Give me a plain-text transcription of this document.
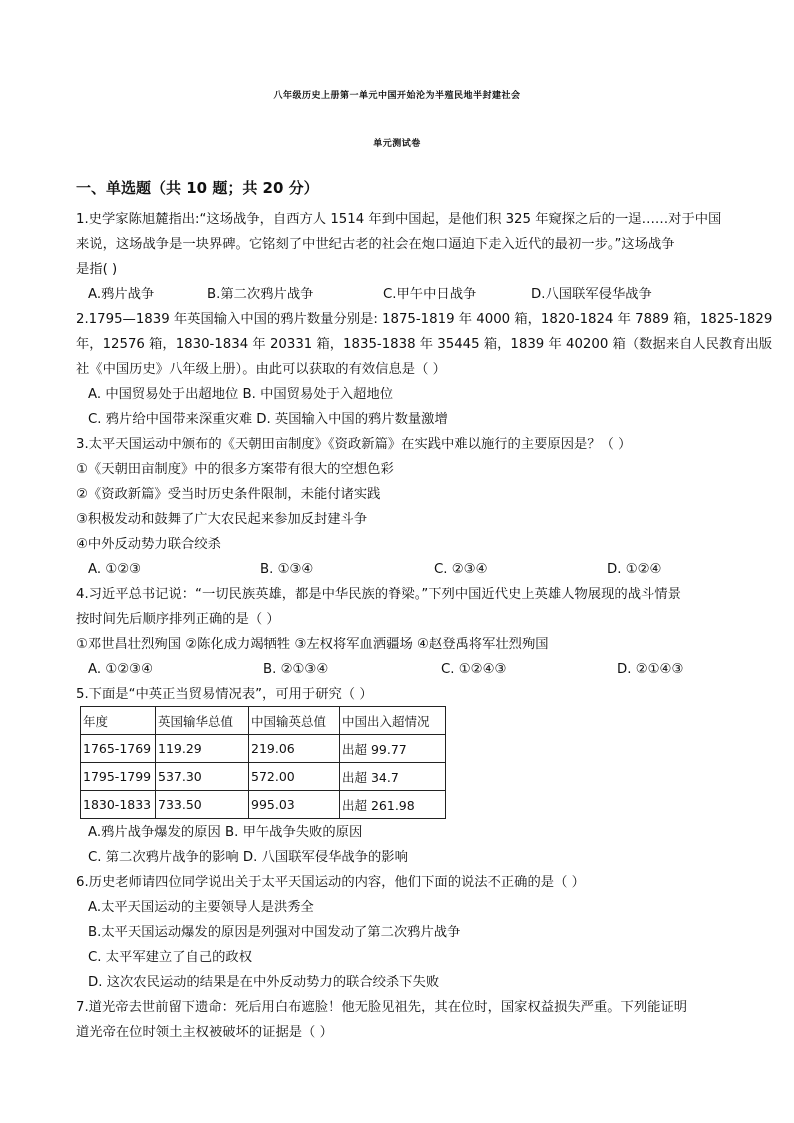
八年级历史上册第一单元中国开始沦为半殖民地半封建社会
单元测试卷
一、单选题（共 10 题；共 20 分）
1.史学家陈旭麓指出:“这场战争，自西方人 1514 年到中国起，是他们积 325 年窥探之后的一逞……对于中国
来说，这场战争是一块界碑。它铭刻了中世纪古老的社会在炮口逼迫下走入近代的最初一步。”这场战争
是指( )
A.鸦片战争	B.第二次鸦片战争	C.甲午中日战争	D.八国联军侵华战争
2.1795—1839 年英国输入中国的鸦片数量分别是: 1875-1819 年 4000 箱，1820-1824 年 7889 箱，1825-1829
年，12576 箱，1830-1834 年 20331 箱，1835-1838 年 35445 箱，1839 年 40200 箱（数据来自人民教育出版
社《中国历史》八年级上册）。由此可以获取的有效信息是（ ）
A. 中国贸易处于出超地位 B. 中国贸易处于入超地位
C. 鸦片给中国带来深重灾难 D. 英国输入中国的鸦片数量激增
3.太平天国运动中颁布的《天朝田亩制度》《资政新篇》在实践中难以施行的主要原因是？（ ）
①《天朝田亩制度》中的很多方案带有很大的空想色彩
②《资政新篇》受当时历史条件限制，未能付诸实践
③积极发动和鼓舞了广大农民起来参加反封建斗争
④中外反动势力联合绞杀
A. ①②③	B. ①③④	C. ②③④	D. ①②④
4.习近平总书记说：“一切民族英雄，都是中华民族的脊梁。”下列中国近代史上英雄人物展现的战斗情景
按时间先后顺序排列正确的是（ ）
①邓世昌壮烈殉国 ②陈化成力竭牺牲 ③左权将军血洒疆场 ④赵登禹将军壮烈殉国
A. ①②③④	B. ②①③④	C. ①②④③	D. ②①④③
5.下面是“中英正当贸易情况表”，可用于研究（ ）
年度	英国输华总值	中国输英总值	中国出入超情况
1765-1769	119.29	219.06	出超 99.77
1795-1799	537.30	572.00	出超 34.7
1830-1833	733.50	995.03	出超 261.98
A.鸦片战争爆发的原因 B. 甲午战争失败的原因
C. 第二次鸦片战争的影响 D. 八国联军侵华战争的影响
6.历史老师请四位同学说出关于太平天国运动的内容，他们下面的说法不正确的是（ ）
A.太平天国运动的主要领导人是洪秀全
B.太平天国运动爆发的原因是列强对中国发动了第二次鸦片战争
C. 太平军建立了自己的政权
D. 这次农民运动的结果是在中外反动势力的联合绞杀下失败
7.道光帝去世前留下遗命：死后用白布遮脸！他无脸见祖先，其在位时，国家权益损失严重。下列能证明
道光帝在位时领土主权被破坏的证据是（ ）
